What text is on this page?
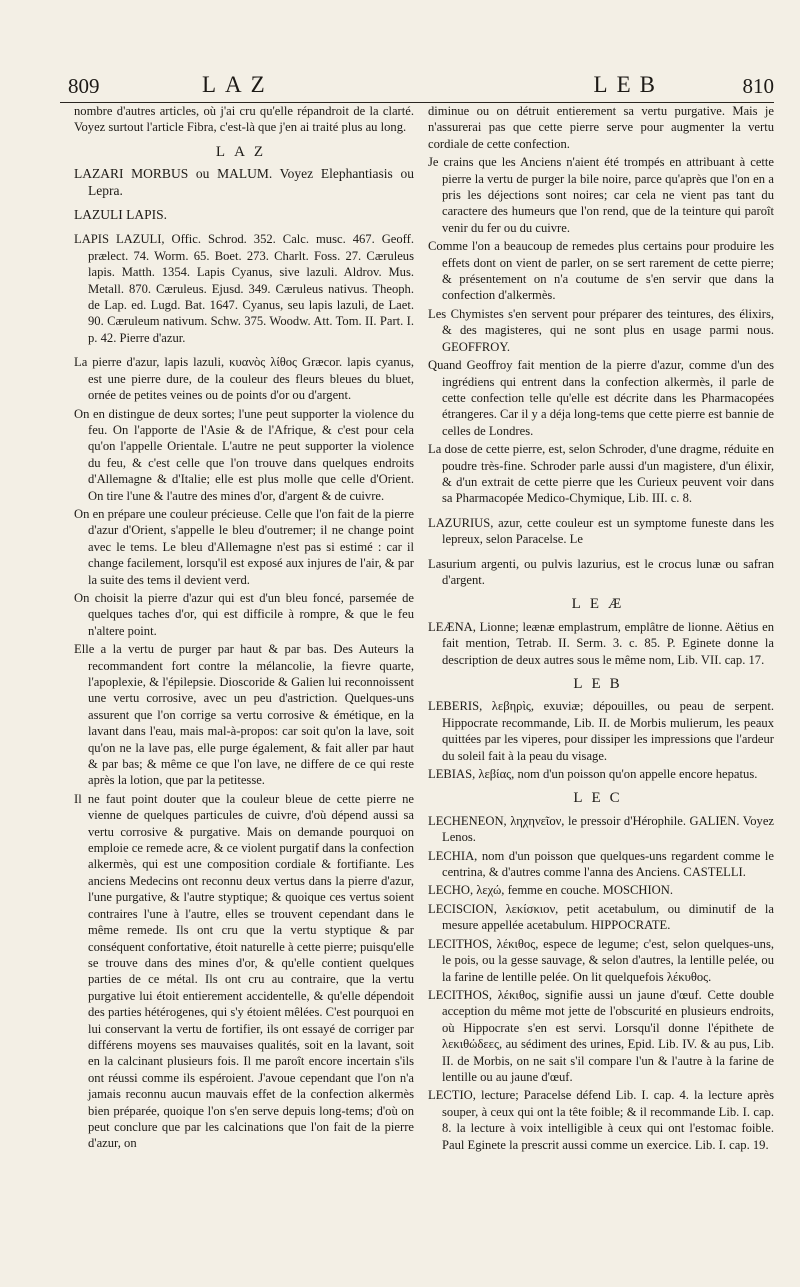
809	LAZ	LEB	810

nombre d'autres articles, où j'ai cru qu'elle répandroit de la clarté. Voyez surtout l'article Fibra, c'est-là que j'en ai traité plus au long.

LAZ

LAZARI MORBUS ou MALUM. Voyez Elephantiasis ou Lepra.

LAZULI LAPIS.

LAPIS LAZULI, Offic. Schrod. 352. Calc. musc. 467. Geoff. prælect. 74. Worm. 65. Boet. 273. Charlt. Foss. 27. Cæruleus lapis. Matth. 1354. Lapis Cyanus, sive lazuli. Aldrov. Mus. Metall. 870. Cæruleus. Ejusd. 349. Cæruleus nativus. Theoph. de Lap. ed. Lugd. Bat. 1647. Cyanus, seu lapis lazuli, de Laet. 90. Cæruleum nativum. Schw. 375. Woodw. Att. Tom. II. Part. I. p. 42. Pierre d'azur.

La pierre d'azur, lapis lazuli, κυανὸς λίθος Græcor. lapis cyanus, est une pierre dure, de la couleur des fleurs bleues du bluet, ornée de petites veines ou de points d'or ou d'argent.

On en distingue de deux sortes; l'une peut supporter la violence du feu. On l'apporte de l'Asie & de l'Afrique, & c'est pour cela qu'on l'appelle Orientale. L'autre ne peut supporter la violence du feu, & c'est celle que l'on trouve dans quelques endroits d'Allemagne & d'Italie; elle est plus molle que celle d'Orient. On tire l'une & l'autre des mines d'or, d'argent & de cuivre.

On en prépare une couleur précieuse. Celle que l'on fait de la pierre d'azur d'Orient, s'appelle le bleu d'outremer; il ne change point avec le tems. Le bleu d'Allemagne n'est pas si estimé : car il change facilement, lorsqu'il est exposé aux injures de l'air, & par la suite des tems il devient verd.

On choisit la pierre d'azur qui est d'un bleu foncé, parsemée de quelques taches d'or, qui est difficile à rompre, & que le feu n'altere point.

Elle a la vertu de purger par haut & par bas. Des Auteurs la recommandent fort contre la mélancolie, la fievre quarte, l'apoplexie, & l'épilepsie. Dioscoride & Galien lui reconnoissent une vertu corrosive, avec un peu d'astriction. Quelques-uns assurent que l'on corrige sa vertu corrosive & émétique, en la lavant dans l'eau, mais mal-à-propos: car soit qu'on la lave, soit qu'on ne la lave pas, elle purge également, & fait aller par haut & par bas; & même ce que l'on lave, ne differe de ce qui reste après la lotion, que par la petitesse.

Il ne faut point douter que la couleur bleue de cette pierre ne vienne de quelques particules de cuivre, d'où dépend aussi sa vertu corrosive & purgative. Mais on demande pourquoi on emploie ce remede acre, & ce violent purgatif dans la confection alkermès, qui est une composition cordiale & fortifiante. Les anciens Medecins ont reconnu deux vertus dans la pierre d'azur, l'une purgative, & l'autre styptique; & quoique ces vertus soient contraires l'une à l'autre, elles se trouvent cependant dans le même remede. Ils ont cru que la vertu styptique & par conséquent confortative, étoit naturelle à cette pierre; puisqu'elle se trouve dans des mines d'or, & qu'elle contient quelques parties de ce métal. Ils ont cru au contraire, que la vertu purgative lui étoit entierement accidentelle, & qu'elle dépendoit des parties hétérogenes, qui s'y étoient mêlées. C'est pourquoi en lui conservant la vertu de fortifier, ils ont essayé de corriger par différens moyens ses mauvaises qualités, soit en la lavant, soit en la calcinant plusieurs fois. Il me paroît encore incertain s'ils ont réussi comme ils espéroient. J'avoue cependant que l'on n'a jamais reconnu aucun mauvais effet de la confection alkermès bien préparée, quoique l'on s'en serve depuis long-tems; d'où on peut conclure que par les calcinations que l'on fait de la pierre d'azur, on

diminue ou on détruit entierement sa vertu purgative. Mais je n'assurerai pas que cette pierre serve pour augmenter la vertu cordiale de cette confection.

Je crains que les Anciens n'aient été trompés en attribuant à cette pierre la vertu de purger la bile noire, parce qu'après que l'on en a pris les déjections sont noires; car cela ne vient pas tant du caractere des humeurs que l'on rend, que de la teinture qui paroît venir du fer ou du cuivre.

Comme l'on a beaucoup de remedes plus certains pour produire les effets dont on vient de parler, on se sert rarement de cette pierre; & présentement on n'a coutume de s'en servir que dans la confection d'alkermès.

Les Chymistes s'en servent pour préparer des teintures, des élixirs, & des magisteres, qui ne sont plus en usage parmi nous. GEOFFROY.

Quand Geoffroy fait mention de la pierre d'azur, comme d'un des ingrédiens qui entrent dans la confection alkermès, il parle de cette confection telle qu'elle est décrite dans les Pharmacopées étrangeres. Car il y a déja long-tems que cette pierre est bannie de celles de Londres.

La dose de cette pierre, est, selon Schroder, d'une dragme, réduite en poudre très-fine. Schroder parle aussi d'un magistere, d'un élixir, & d'un extrait de cette pierre que les Curieux peuvent voir dans sa Pharmacopée Medico-Chymique, Lib. III. c. 8.

LAZURIUS, azur, cette couleur est un symptome funeste dans les lepreux, selon Paracelse. Le

Lasurium argenti, ou pulvis lazurius, est le crocus lunæ ou safran d'argent.

LEÆ

LEÆNA, Lionne; leænæ emplastrum, emplâtre de lionne. Aëtius en fait mention, Tetrab. II. Serm. 3. c. 85. P. Eginete donne la description de deux autres sous le même nom, Lib. VII. cap. 17.

LEB

LEBERIS, λεβηρὶς, exuviæ; dépouilles, ou peau de serpent. Hippocrate recommande, Lib. II. de Morbis mulierum, les peaux quittées par les viperes, pour dissiper les impressions que l'ardeur du soleil fait à la peau du visage.

LEBIAS, λεβίας, nom d'un poisson qu'on appelle encore hepatus.

LEC

LECHENEON, ληχηνεῖον, le pressoir d'Hérophile. GALIEN. Voyez Lenos.

LECHIA, nom d'un poisson que quelques-uns regardent comme le centrina, & d'autres comme l'anna des Anciens. CASTELLI.

LECHO, λεχώ, femme en couche. MOSCHION.

LECISCION, λεκίσκιον, petit acetabulum, ou diminutif de la mesure appellée acetabulum. HIPPOCRATE.

LECITHOS, λέκιθος, espece de legume; c'est, selon quelques-uns, le pois, ou la gesse sauvage, & selon d'autres, la lentille pelée, ou la farine de lentille pelée. On lit quelquefois λέκυθος.

LECITHOS, λέκιθος, signifie aussi un jaune d'œuf. Cette double acception du même mot jette de l'obscurité en plusieurs endroits, où Hippocrate s'en est servi. Lorsqu'il donne l'épithete de λεκιθώδεες, au sédiment des urines, Epid. Lib. IV. & au pus, Lib. II. de Morbis, on ne sait s'il compare l'un & l'autre à la farine de lentille ou au jaune d'œuf.

LECTIO, lecture; Paracelse défend Lib. I. cap. 4. la lecture après souper, à ceux qui ont la tête foible; & il recommande Lib. I. cap. 8. la lecture à voix intelligible à ceux qui ont l'estomac foible. Paul Eginete la prescrit aussi comme un exercice. Lib. I. cap. 19.
